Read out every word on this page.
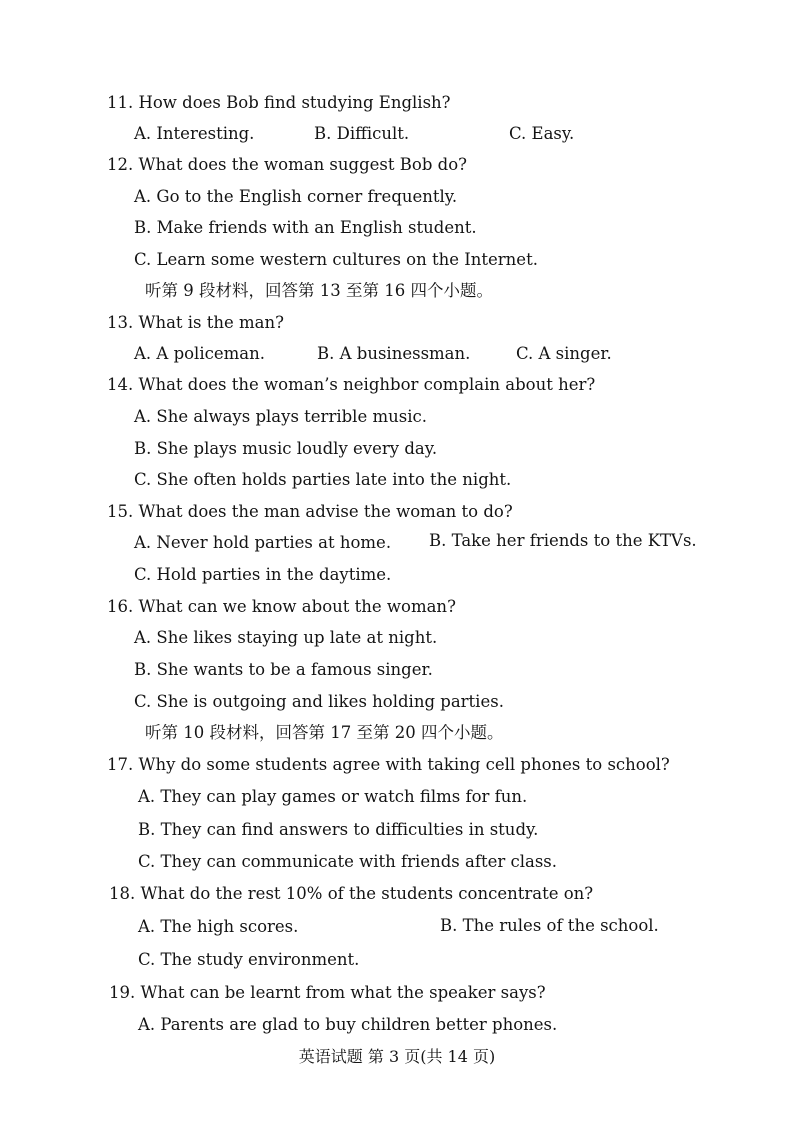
11. How does Bob find studying English?
A. Interesting.	B. Difficult.	C. Easy.
12. What does the woman suggest Bob do?
A. Go to the English corner frequently.
B. Make friends with an English student.
C. Learn some western cultures on the Internet.
听第 9 段材料，回答第 13 至第 16 四个小题。
13. What is the man?
A. A policeman.	B. A businessman.	C. A singer.
14. What does the woman’s neighbor complain about her?
A. She always plays terrible music.
B. She plays music loudly every day.
C. She often holds parties late into the night.
15. What does the man advise the woman to do?
A. Never hold parties at home. B. Take her friends to the KTVs.
C. Hold parties in the daytime.
16. What can we know about the woman?
A. She likes staying up late at night.
B. She wants to be a famous singer.
C. She is outgoing and likes holding parties.
听第 10 段材料，回答第 17 至第 20 四个小题。
17. Why do some students agree with taking cell phones to school?
A. They can play games or watch films for fun.
B. They can find answers to difficulties in study.
C. They can communicate with friends after class.
18. What do the rest 10% of the students concentrate on?
A. The high scores.	B. The rules of the school.
C. The study environment.
19. What can be learnt from what the speaker says?
A. Parents are glad to buy children better phones.
英语试题 第 3 页(共 14 页)
